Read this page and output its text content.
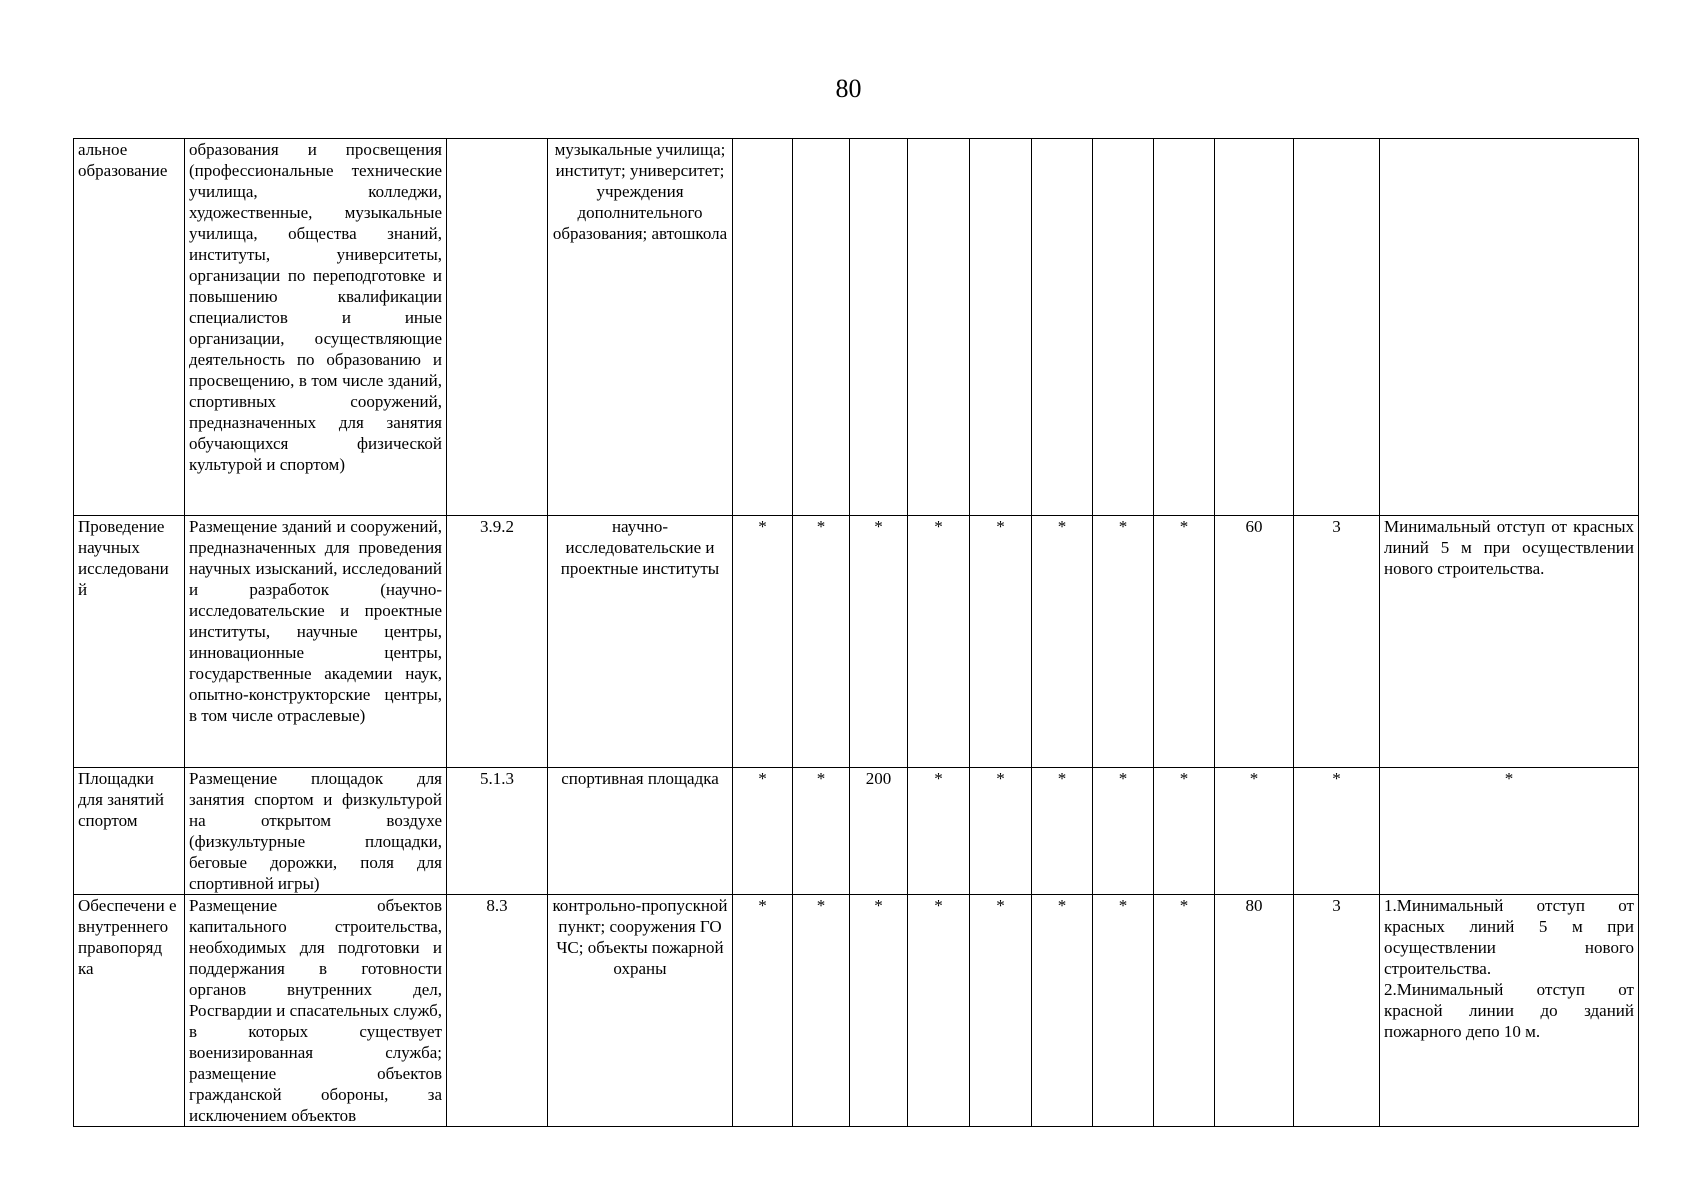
80
альное образование	образования и просвещения (профессиональные технические училища, колледжи, художественные, музыкальные училища, общества знаний, институты, университеты, организации по переподготовке и повышению квалификации специалистов и иные организации, осуществляющие деятельность по образованию и просвещению, в том числе зданий, спортивных сооружений, предназначенных для занятия обучающихся физической культурой и спортом)		музыкальные училища; институт; университет; учреждения дополнительного образования; автошкола											
Проведение научных исследовани й	Размещение зданий и сооружений, предназначенных для проведения научных изысканий, исследований и разработок (научно-исследовательские и проектные институты, научные центры, инновационные центры, государственные академии наук, опытно-конструкторские центры, в том числе отраслевые)	3.9.2	научно-исследовательские и проектные институты	*	*	*	*	*	*	*	*	60	3	Минимальный отступ от красных линий 5 м при осуществлении нового строительства.
Площадки для занятий спортом	Размещение площадок для занятия спортом и физкультурой на открытом воздухе (физкультурные площадки, беговые дорожки, поля для спортивной игры)	5.1.3	спортивная площадка	*	*	200	*	*	*	*	*	*	*	*
Обеспечени е внутреннего правопоряд ка	Размещение объектов капитального строительства, необходимых для подготовки и поддержания в готовности органов внутренних дел, Росгвардии и спасательных служб, в которых существует военизированная служба; размещение объектов гражданской обороны, за исключением объектов	8.3	контрольно-пропускной пункт; сооружения ГО ЧС; объекты пожарной охраны	*	*	*	*	*	*	*	*	80	3	1.Минимальный отступ от красных линий 5 м при осуществлении нового строительства.
2.Минимальный отступ от красной линии до зданий пожарного депо 10 м.
